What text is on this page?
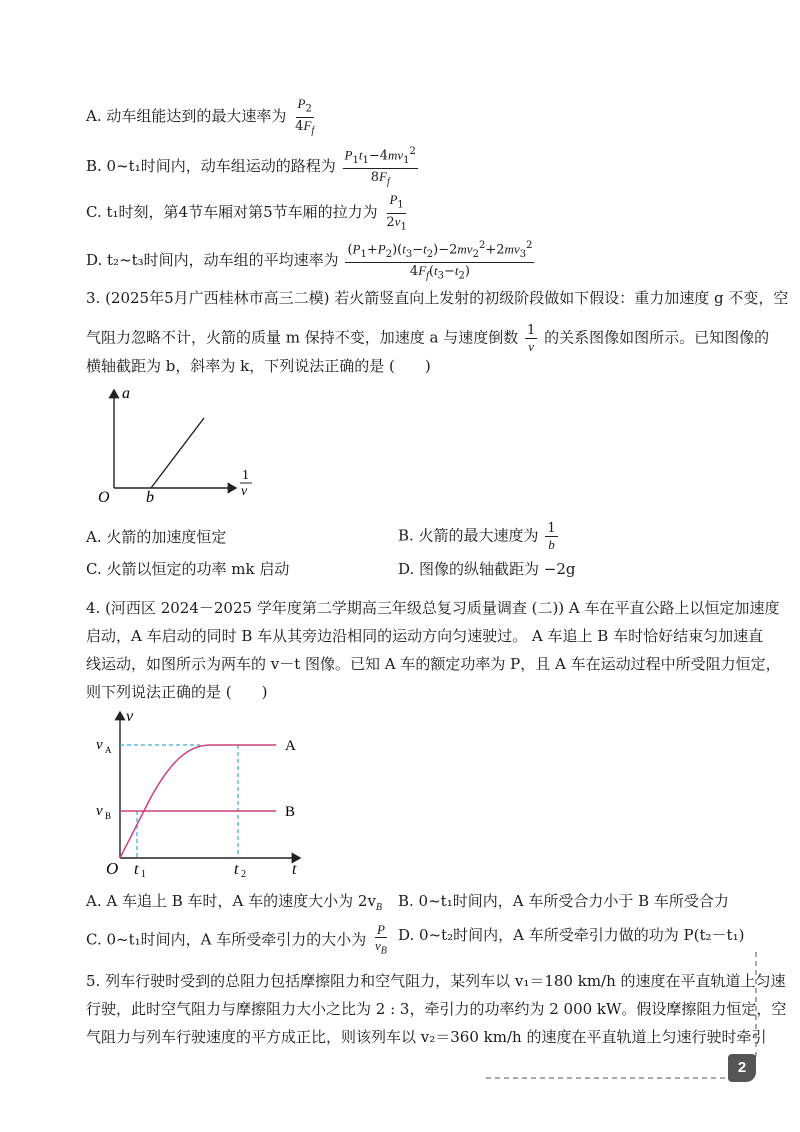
A. 动车组能达到的最大速率为 $\frac{P_2}{4F_f}$
B. 0~t₁时间内，动车组运动的路程为 $\frac{P_1t_1-4mv_1^2}{8F_f}$
C. t₁时刻，第4节车厢对第5节车厢的拉力为 $\frac{P_1}{2v_1}$
D. t₂~t₃时间内，动车组的平均速率为 $\frac{(P_1+P_2)(t_3-t_2)-2mv_2^2+2mv_3^2}{4F_f(t_3-t_2)}$
3. (2025年5月广西桂林市高三二模) 若火箭竖直向上发射的初级阶段做如下假设：重力加速度 g 不变，空
气阻力忽略不计，火箭的质量 m 保持不变，加速度 a 与速度倒数 $\frac{1}{v}$ 的关系图像如图所示。已知图像的
横轴截距为 b，斜率为 k，下列说法正确的是 (　　)
a
1
v
O b
A. 火箭的加速度恒定	B. 火箭的最大速度为 $\frac{1}{b}$
C. 火箭以恒定的功率 mk 启动	D. 图像的纵轴截距为 −2g
4. (河西区 2024－2025 学年度第二学期高三年级总复习质量调查 (二)) A 车在平直公路上以恒定加速度
启动，A 车启动的同时 B 车从其旁边沿相同的运动方向匀速驶过。 A 车追上 B 车时恰好结束匀加速直
线运动，如图所示为两车的 v－t 图像。已知 A 车的额定功率为 P，且 A 车在运动过程中所受阻力恒定，
则下列说法正确的是 (　　)
v
v A
v B
A
B
O t 1	t 2	t
A. A 车追上 B 车时，A 车的速度大小为 $2v_B$ B. 0~t₁时间内，A 车所受合力小于 B 车所受合力
C. 0~t₁时间内，A 车所受牵引力的大小为 $\frac{P}{v_B} D$. 0~t₂时间内，A 车所受牵引力做的功为 P(t₂－t₁)
5. 列车行驶时受到的总阻力包括摩擦阻力和空气阻力，某列车以 v₁＝180 km/h 的速度在平直轨道上匀速
行驶，此时空气阻力与摩擦阻力大小之比为 2 : 3，牵引力的功率约为 2 000 kW。假设摩擦阻力恒定，空
气阻力与列车行驶速度的平方成正比，则该列车以 v₂＝360 km/h 的速度在平直轨道上匀速行驶时牵引
2
